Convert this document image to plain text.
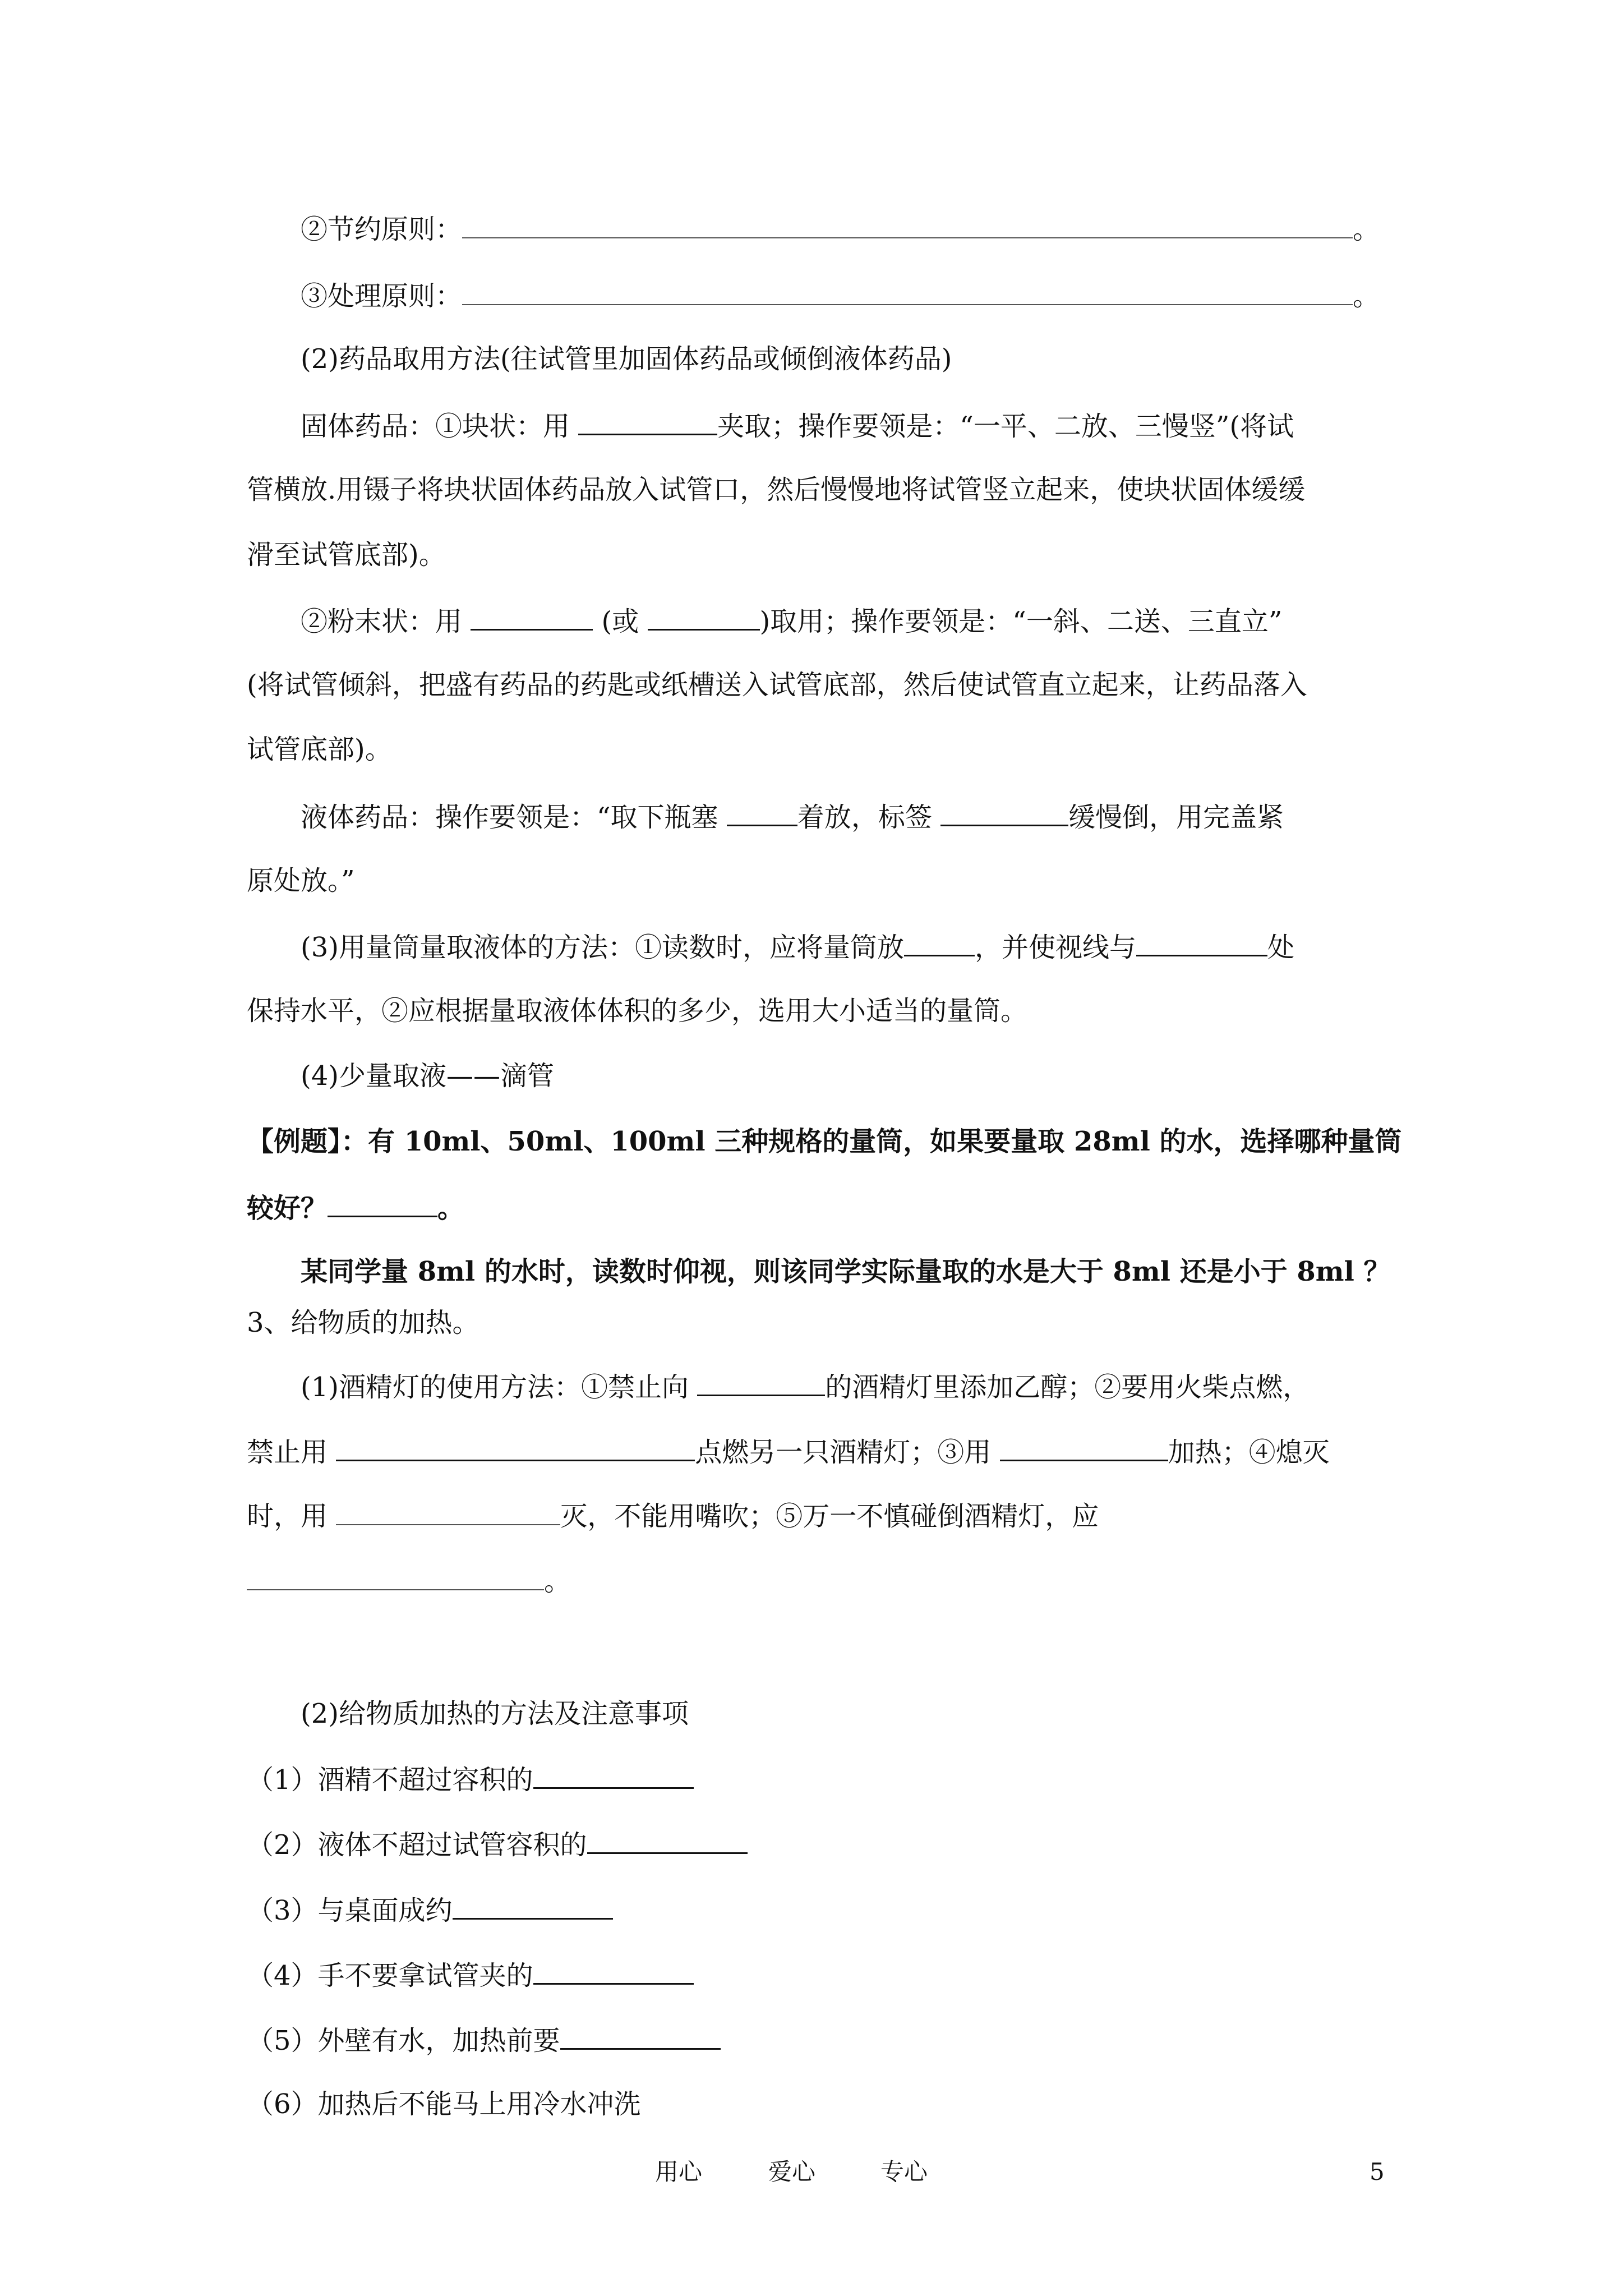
②节约原则：	。
③处理原则：	。
(2)药品取用方法(往试管里加固体药品或倾倒液体药品)
固体药品：①块状：用	夹取；操作要领是：“一平、二放、三慢竖”(将试
管横放.用镊子将块状固体药品放入试管口，然后慢慢地将试管竖立起来，使块状固体缓缓
滑至试管底部)。
②粉末状：用	(或	)取用；操作要领是：“一斜、二送、三直立”
(将试管倾斜，把盛有药品的药匙或纸槽送入试管底部，然后使试管直立起来，让药品落入
试管底部)。
液体药品：操作要领是：“取下瓶塞	着放，标签	缓慢倒，用完盖紧
原处放。”
(3)用量筒量取液体的方法：①读数时，应将量筒放	，并使视线与	处
保持水平，②应根据量取液体体积的多少，选用大小适当的量筒。
(4)少量取液——滴管
【例题】：有 10ml、50ml、100ml 三种规格的量筒，如果要量取 28ml 的水，选择哪种量筒
较好？	。
某同学量 8ml 的水时，读数时仰视，则该同学实际量取的水是大于 8ml 还是小于 8ml ？
3、给物质的加热。
(1)酒精灯的使用方法：①禁止向	的酒精灯里添加乙醇；②要用火柴点燃，
禁止用	点燃另一只酒精灯；③用	加热；④熄灭
时，用	灭，不能用嘴吹；⑤万一不慎碰倒酒精灯，应
。
(2)给物质加热的方法及注意事项
（1）酒精不超过容积的
（2）液体不超过试管容积的
（3）与桌面成约
（4）手不要拿试管夹的
（5）外壁有水，加热前要
（6）加热后不能马上用冷水冲洗
用心	爱心	专心	5
